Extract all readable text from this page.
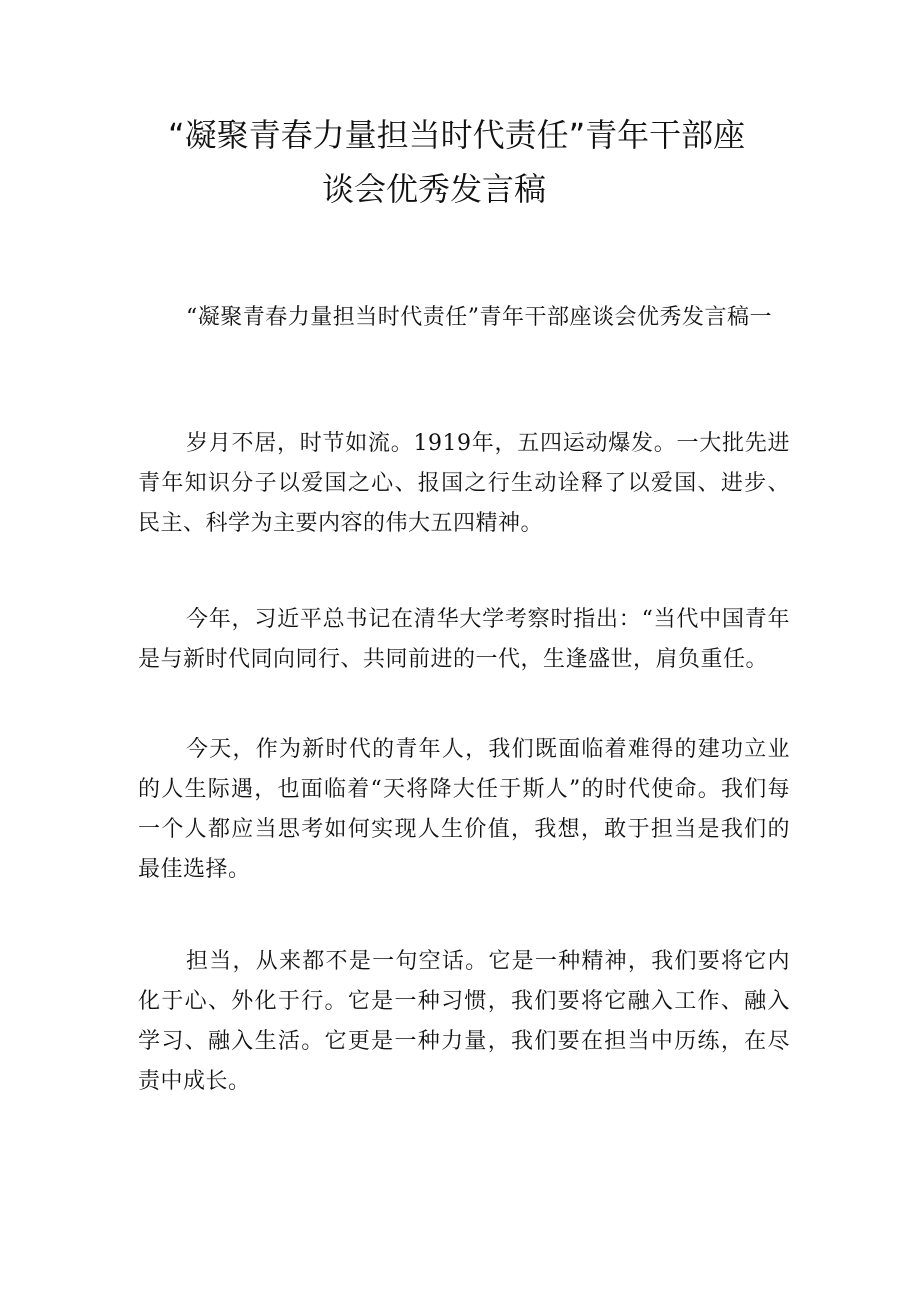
“凝聚青春力量担当时代责任”青年干部座
谈会优秀发言稿

“凝聚青春力量担当时代责任”青年干部座谈会优秀发言稿一

岁月不居，时节如流。1919年，五四运动爆发。一大批先进青年知识分子以爱国之心、报国之行生动诠释了以爱国、进步、民主、科学为主要内容的伟大五四精神。

今年，习近平总书记在清华大学考察时指出：“当代中国青年是与新时代同向同行、共同前进的一代，生逢盛世，肩负重任。

今天，作为新时代的青年人，我们既面临着难得的建功立业的人生际遇，也面临着“天将降大任于斯人”的时代使命。我们每一个人都应当思考如何实现人生价值，我想，敢于担当是我们的最佳选择。

担当，从来都不是一句空话。它是一种精神，我们要将它内化于心、外化于行。它是一种习惯，我们要将它融入工作、融入学习、融入生活。它更是一种力量，我们要在担当中历练，在尽责中成长。
